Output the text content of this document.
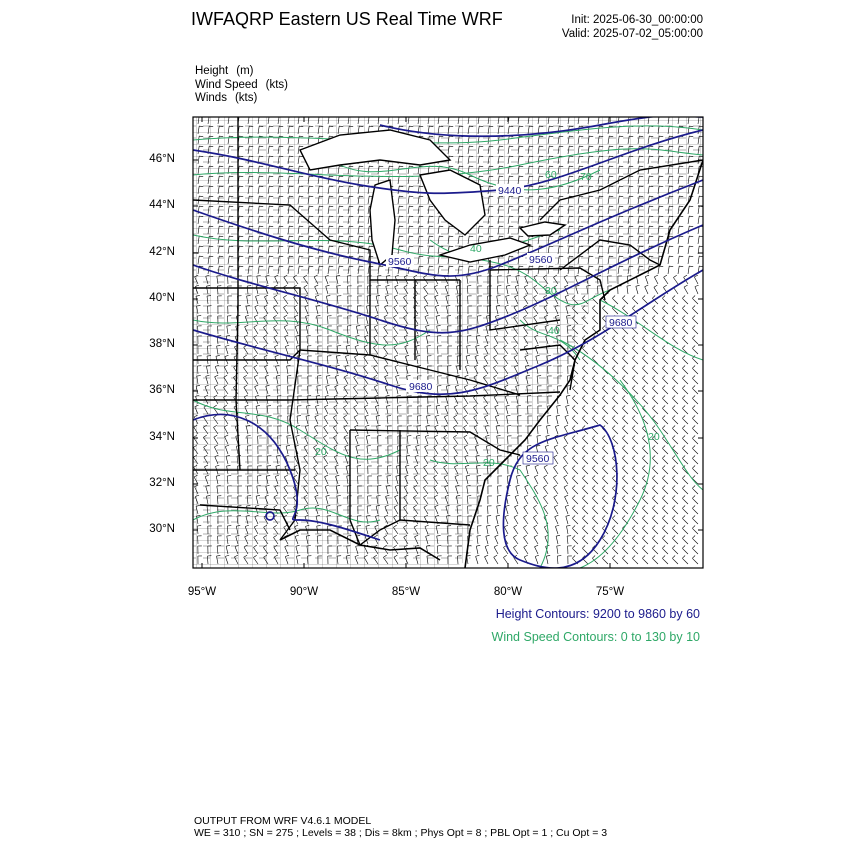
IWFAQRP Eastern US Real Time WRF	Init: 2025-06-30_00:00:00
Valid: 2025-07-02_05:00:00
Height (m)
Wind Speed (kts)
Winds (kts)
9440
9560	9560
9680
9680
9560
60 70
20
20
40
20
30
40
46°N
44°N
42°N
40°N
38°N
36°N
34°N
32°N
30°N
95°W	90°W	85°W	80°W	75°W
Height Contours: 9200 to 9860 by 60
Wind Speed Contours: 0 to 130 by 10
OUTPUT FROM WRF V4.6.1 MODEL
WE = 310 ; SN = 275 ; Levels = 38 ; Dis = 8km ; Phys Opt = 8 ; PBL Opt = 1 ; Cu Opt = 3
